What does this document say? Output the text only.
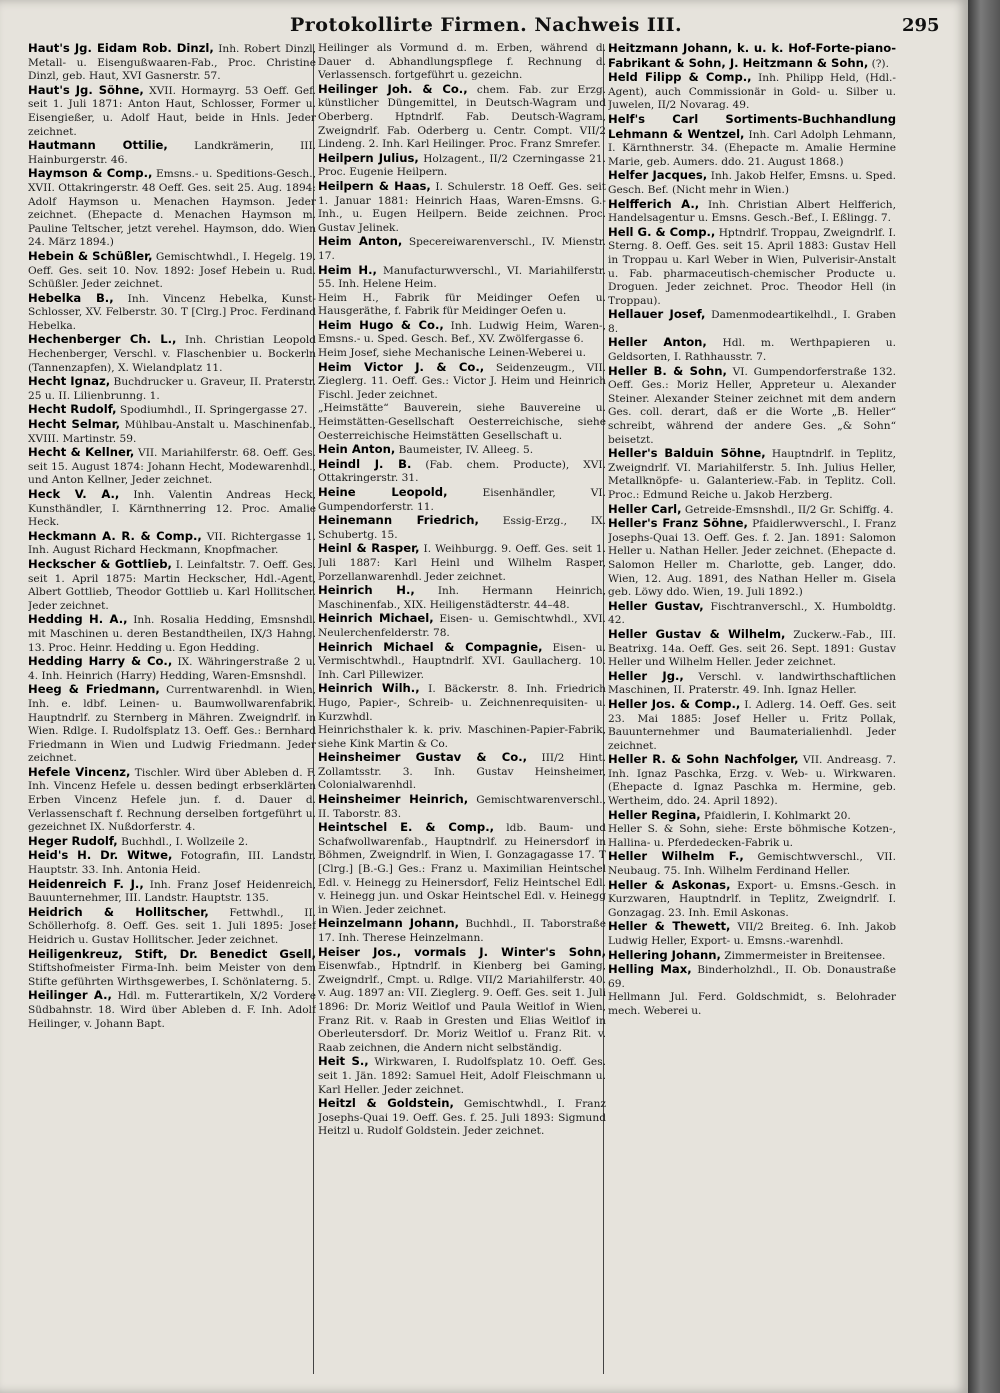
Protokollirte Firmen. Nachweis III.	295

Haut's Jg. Eidam Rob. Dinzl, Inh. Robert Dinzl, Metall- u. Eisengußwaaren-Fab., Proc. Christine Dinzl, geb. Haut, XVI Gasnerstr. 57.

Haut's Jg. Söhne, XVII. Hormayrg. 53 Oeff. Gef. seit 1. Juli 1871: Anton Haut, Schlosser, Former u. Eisengießer, u. Adolf Haut, beide in Hnls. Jeder zeichnet.

Hautmann Ottilie, Landkrämerin, III. Hainburgerstr. 46.

Haymson & Comp., Emsns.- u. Speditions-Gesch., XVII. Ottakringerstr. 48 Oeff. Ges. seit 25. Aug. 1894: Adolf Haymson u. Menachen Haymson. Jeder zeichnet. (Ehepacte d. Menachen Haymson m. Pauline Teltscher, jetzt verehel. Haymson, ddo. Wien 24. März 1894.)

Hebein & Schüßler, Gemischtwhdl., I. Hegelg. 19. Oeff. Ges. seit 10. Nov. 1892: Josef Hebein u. Rud. Schüßler. Jeder zeichnet.

Hebelka B., Inh. Vincenz Hebelka, Kunst-Schlosser, XV. Felberstr. 30. T [Clrg.] Proc. Ferdinand Hebelka.

Hechenberger Ch. L., Inh. Christian Leopold Hechenberger, Verschl. v. Flaschenbier u. Bockerln (Tannenzapfen), X. Wielandplatz 11.

Hecht Ignaz, Buchdrucker u. Graveur, II. Praterstr. 25 u. II. Lilienbrunng. 1.

Hecht Rudolf, Spodiumhdl., II. Springergasse 27.

Hecht Selmar, Mühlbau-Anstalt u. Maschinenfab., XVIII. Martinstr. 59.

Hecht & Kellner, VII. Mariahilferstr. 68. Oeff. Ges. seit 15. August 1874: Johann Hecht, Modewarenhdl., und Anton Kellner, Jeder zeichnet.

Heck V. A., Inh. Valentin Andreas Heck, Kunsthändler, I. Kärnthnerring 12. Proc. Amalie Heck.

Heckmann A. R. & Comp., VII. Richtergasse 1. Inh. August Richard Heckmann, Knopfmacher.

Heckscher & Gottlieb, I. Leinfaltstr. 7. Oeff. Ges. seit 1. April 1875: Martin Heckscher, Hdl.-Agent, Albert Gottlieb, Theodor Gottlieb u. Karl Hollitscher. Jeder zeichnet.

Hedding H. A., Inh. Rosalia Hedding, Emsnshdl. mit Maschinen u. deren Bestandtheilen, IX/3 Hahng. 13. Proc. Heinr. Hedding u. Egon Hedding.

Hedding Harry & Co., IX. Währingerstraße 2 u. 4. Inh. Heinrich (Harry) Hedding, Waren-Emsnshdl.

Heeg & Friedmann, Currentwarenhdl. in Wien, Inh. e. ldbf. Leinen- u. Baumwollwarenfabrik. Hauptndrlf. zu Sternberg in Mähren. Zweigndrlf. in Wien. Rdlge. I. Rudolfsplatz 13. Oeff. Ges.: Bernhard Friedmann in Wien und Ludwig Friedmann. Jeder zeichnet.

Hefele Vincenz, Tischler. Wird über Ableben d. F. Inh. Vincenz Hefele u. dessen bedingt erbserklärten Erben Vincenz Hefele jun. f. d. Dauer d. Verlassenschaft f. Rechnung derselben fortgeführt u. gezeichnet IX. Nußdorferstr. 4.

Heger Rudolf, Buchhdl., I. Wollzeile 2.

Heid's H. Dr. Witwe, Fotografin, III. Landstr. Hauptstr. 33. Inh. Antonia Heid.

Heidenreich F. J., Inh. Franz Josef Heidenreich, Bauunternehmer, III. Landstr. Hauptstr. 135.

Heidrich & Hollitscher, Fettwhdl., II. Schöllerhofg. 8. Oeff. Ges. seit 1. Juli 1895: Josef Heidrich u. Gustav Hollitscher. Jeder zeichnet.

Heiligenkreuz, Stift, Dr. Benedict Gsell, Stiftshofmeister Firma-Inh. beim Meister von dem Stifte geführten Wirthsgewerbes, I. Schönlaterng. 5.

Heilinger A., Hdl. m. Futterartikeln, X/2 Vordere Südbahnstr. 18. Wird über Ableben d. F. Inh. Adolf Heilinger, v. Johann Bapt.

Heilinger als Vormund d. m. Erben, während d. Dauer d. Abhandlungspflege f. Rechnung d. Verlassensch. fortgeführt u. gezeichn.

Heilinger Joh. & Co., chem. Fab. zur Erzg. künstlicher Düngemittel, in Deutsch-Wagram und Oberberg. Hptndrlf. Fab. Deutsch-Wagram, Zweigndrlf. Fab. Oderberg u. Centr. Compt. VII/2 Lindeng. 2. Inh. Karl Heilinger. Proc. Franz Smrefer.

Heilpern Julius, Holzagent., II/2 Czerningasse 21. Proc. Eugenie Heilpern.

Heilpern & Haas, I. Schulerstr. 18 Oeff. Ges. seit 1. Januar 1881: Heinrich Haas, Waren-Emsns. G.-Inh., u. Eugen Heilpern. Beide zeichnen. Proc. Gustav Jelinek.

Heim Anton, Specereiwarenverschl., IV. Mienstr. 17.

Heim H., Manufacturwverschl., VI. Mariahilferstr. 55. Inh. Helene Heim.

Heim H., Fabrik für Meidinger Oefen u. Hausgeräthe, f. Fabrik für Meidinger Oefen u.

Heim Hugo & Co., Inh. Ludwig Heim, Waren-, Emsns.- u. Sped. Gesch. Bef., XV. Zwölfergasse 6.

Heim Josef, siehe Mechanische Leinen-Weberei u.

Heim Victor J. & Co., Seidenzeugm., VII. Zieglerg. 11. Oeff. Ges.: Victor J. Heim und Heinrich Fischl. Jeder zeichnet.

„Heimstätte“ Bauverein, siehe Bauvereine u. Heimstätten-Gesellschaft Oesterreichische, siehe Oesterreichische Heimstätten Gesellschaft u.

Hein Anton, Baumeister, IV. Alleeg. 5.

Heindl J. B. (Fab. chem. Producte), XVI. Ottakringerstr. 31.

Heine Leopold, Eisenhändler, VI. Gumpendorferstr. 11.

Heinemann Friedrich, Essig-Erzg., IX. Schubertg. 15.

Heinl & Rasper, I. Weihburgg. 9. Oeff. Ges. seit 1. Juli 1887: Karl Heinl und Wilhelm Rasper, Porzellanwarenhdl. Jeder zeichnet.

Heinrich H., Inh. Hermann Heinrich, Maschinenfab., XIX. Heiligenstädterstr. 44–48.

Heinrich Michael, Eisen- u. Gemischtwhdl., XVI. Neulerchenfelderstr. 78.

Heinrich Michael & Compagnie, Eisen- u. Vermischtwhdl., Hauptndrlf. XVI. Gaullacherg. 10. Inh. Carl Pillewizer.

Heinrich Wilh., I. Bäckerstr. 8. Inh. Friedrich Hugo, Papier-, Schreib- u. Zeichnenrequisiten- u. Kurzwhdl.

Heinrichsthaler k. k. priv. Maschinen-Papier-Fabrik, siehe Kink Martin & Co.

Heinsheimer Gustav & Co., III/2 Hint. Zollamtsstr. 3. Inh. Gustav Heinsheimer, Colonialwarenhdl.

Heinsheimer Heinrich, Gemischtwarenverschl., II. Taborstr. 83.

Heintschel E. & Comp., ldb. Baum- und Schafwollwarenfab., Hauptndrlf. zu Heinersdorf in Böhmen, Zweigndrlf. in Wien, I. Gonzagagasse 17. T [Clrg.] [B.-G.] Ges.: Franz u. Maximilian Heintschel Edl. v. Heinegg zu Heinersdorf, Feliz Heintschel Edl. v. Heinegg jun. und Oskar Heintschel Edl. v. Heinegg in Wien. Jeder zeichnet.

Heinzelmann Johann, Buchhdl., II. Taborstraße 17. Inh. Therese Heinzelmann.

Heiser Jos., vormals J. Winter's Sohn, Eisenwfab., Hptndrlf. in Kienberg bei Gaming, Zweigndrlf., Cmpt. u. Rdlge. VII/2 Mariahilferstr. 40. v. Aug. 1897 an: VII. Zieglerg. 9. Oeff. Ges. seit 1. Juli 1896: Dr. Moriz Weitlof und Paula Weitlof in Wien, Franz Rit. v. Raab in Gresten und Elias Weitlof in Oberleutersdorf. Dr. Moriz Weitlof u. Franz Rit. v. Raab zeichnen, die Andern nicht selbständig.

Heit S., Wirkwaren, I. Rudolfsplatz 10. Oeff. Ges. seit 1. Jän. 1892: Samuel Heit, Adolf Fleischmann u. Karl Heller. Jeder zeichnet.

Heitzl & Goldstein, Gemischtwhdl., I. Franz Josephs-Quai 19. Oeff. Ges. f. 25. Juli 1893: Sigmund Heitzl u. Rudolf Goldstein. Jeder zeichnet.

Heitzmann Johann, k. u. k. Hof-Forte-piano-Fabrikant & Sohn, J. Heitzmann & Sohn, (?).

Held Filipp & Comp., Inh. Philipp Held, (Hdl.-Agent), auch Commissionär in Gold- u. Silber u. Juwelen, II/2 Novarag. 49.

Helf's Carl Sortiments-Buchhandlung Lehmann & Wentzel, Inh. Carl Adolph Lehmann, I. Kärnthnerstr. 34. (Ehepacte m. Amalie Hermine Marie, geb. Aumers. ddo. 21. August 1868.)

Helfer Jacques, Inh. Jakob Helfer, Emsns. u. Sped. Gesch. Bef. (Nicht mehr in Wien.)

Helfferich A., Inh. Christian Albert Helfferich, Handelsagentur u. Emsns. Gesch.-Bef., I. Eßlingg. 7.

Hell G. & Comp., Hptndrlf. Troppau, Zweigndrlf. I. Sterng. 8. Oeff. Ges. seit 15. April 1883: Gustav Hell in Troppau u. Karl Weber in Wien, Pulverisir-Anstalt u. Fab. pharmaceutisch-chemischer Producte u. Droguen. Jeder zeichnet. Proc. Theodor Hell (in Troppau).

Hellauer Josef, Damenmodeartikelhdl., I. Graben 8.

Heller Anton, Hdl. m. Werthpapieren u. Geldsorten, I. Rathhausstr. 7.

Heller B. & Sohn, VI. Gumpendorferstraße 132. Oeff. Ges.: Moriz Heller, Appreteur u. Alexander Steiner. Alexander Steiner zeichnet mit dem andern Ges. coll. derart, daß er die Worte „B. Heller“ schreibt, während der andere Ges. „& Sohn“ beisetzt.

Heller's Balduin Söhne, Hauptndrlf. in Teplitz, Zweigndrlf. VI. Mariahilferstr. 5. Inh. Julius Heller, Metallknöpfe- u. Galanteriew.-Fab. in Teplitz. Coll. Proc.: Edmund Reiche u. Jakob Herzberg.

Heller Carl, Getreide-Emsnshdl., II/2 Gr. Schiffg. 4.

Heller's Franz Söhne, Pfaidlerwverschl., I. Franz Josephs-Quai 13. Oeff. Ges. f. 2. Jan. 1891: Salomon Heller u. Nathan Heller. Jeder zeichnet. (Ehepacte d. Salomon Heller m. Charlotte, geb. Langer, ddo. Wien, 12. Aug. 1891, des Nathan Heller m. Gisela geb. Löwy ddo. Wien, 19. Juli 1892.)

Heller Gustav, Fischtranverschl., X. Humboldtg. 42.

Heller Gustav & Wilhelm, Zuckerw.-Fab., III. Beatrixg. 14a. Oeff. Ges. seit 26. Sept. 1891: Gustav Heller und Wilhelm Heller. Jeder zeichnet.

Heller Jg., Verschl. v. landwirthschaftlichen Maschinen, II. Praterstr. 49. Inh. Ignaz Heller.

Heller Jos. & Comp., I. Adlerg. 14. Oeff. Ges. seit 23. Mai 1885: Josef Heller u. Fritz Pollak, Bauunternehmer und Baumaterialienhdl. Jeder zeichnet.

Heller R. & Sohn Nachfolger, VII. Andreasg. 7. Inh. Ignaz Paschka, Erzg. v. Web- u. Wirkwaren. (Ehepacte d. Ignaz Paschka m. Hermine, geb. Wertheim, ddo. 24. April 1892).

Heller Regina, Pfaidlerin, I. Kohlmarkt 20.

Heller S. & Sohn, siehe: Erste böhmische Kotzen-, Hallina- u. Pferdedecken-Fabrik u.

Heller Wilhelm F., Gemischtwverschl., VII. Neubaug. 75. Inh. Wilhelm Ferdinand Heller.

Heller & Askonas, Export- u. Emsns.-Gesch. in Kurzwaren, Hauptndrlf. in Teplitz, Zweigndrlf. I. Gonzagag. 23. Inh. Emil Askonas.

Heller & Thewett, VII/2 Breiteg. 6. Inh. Jakob Ludwig Heller, Export- u. Emsns.-warenhdl.

Hellering Johann, Zimmermeister in Breitensee.

Helling Max, Binderholzhdl., II. Ob. Donaustraße 69.

Hellmann Jul. Ferd. Goldschmidt, s. Belohrader mech. Weberei u.
